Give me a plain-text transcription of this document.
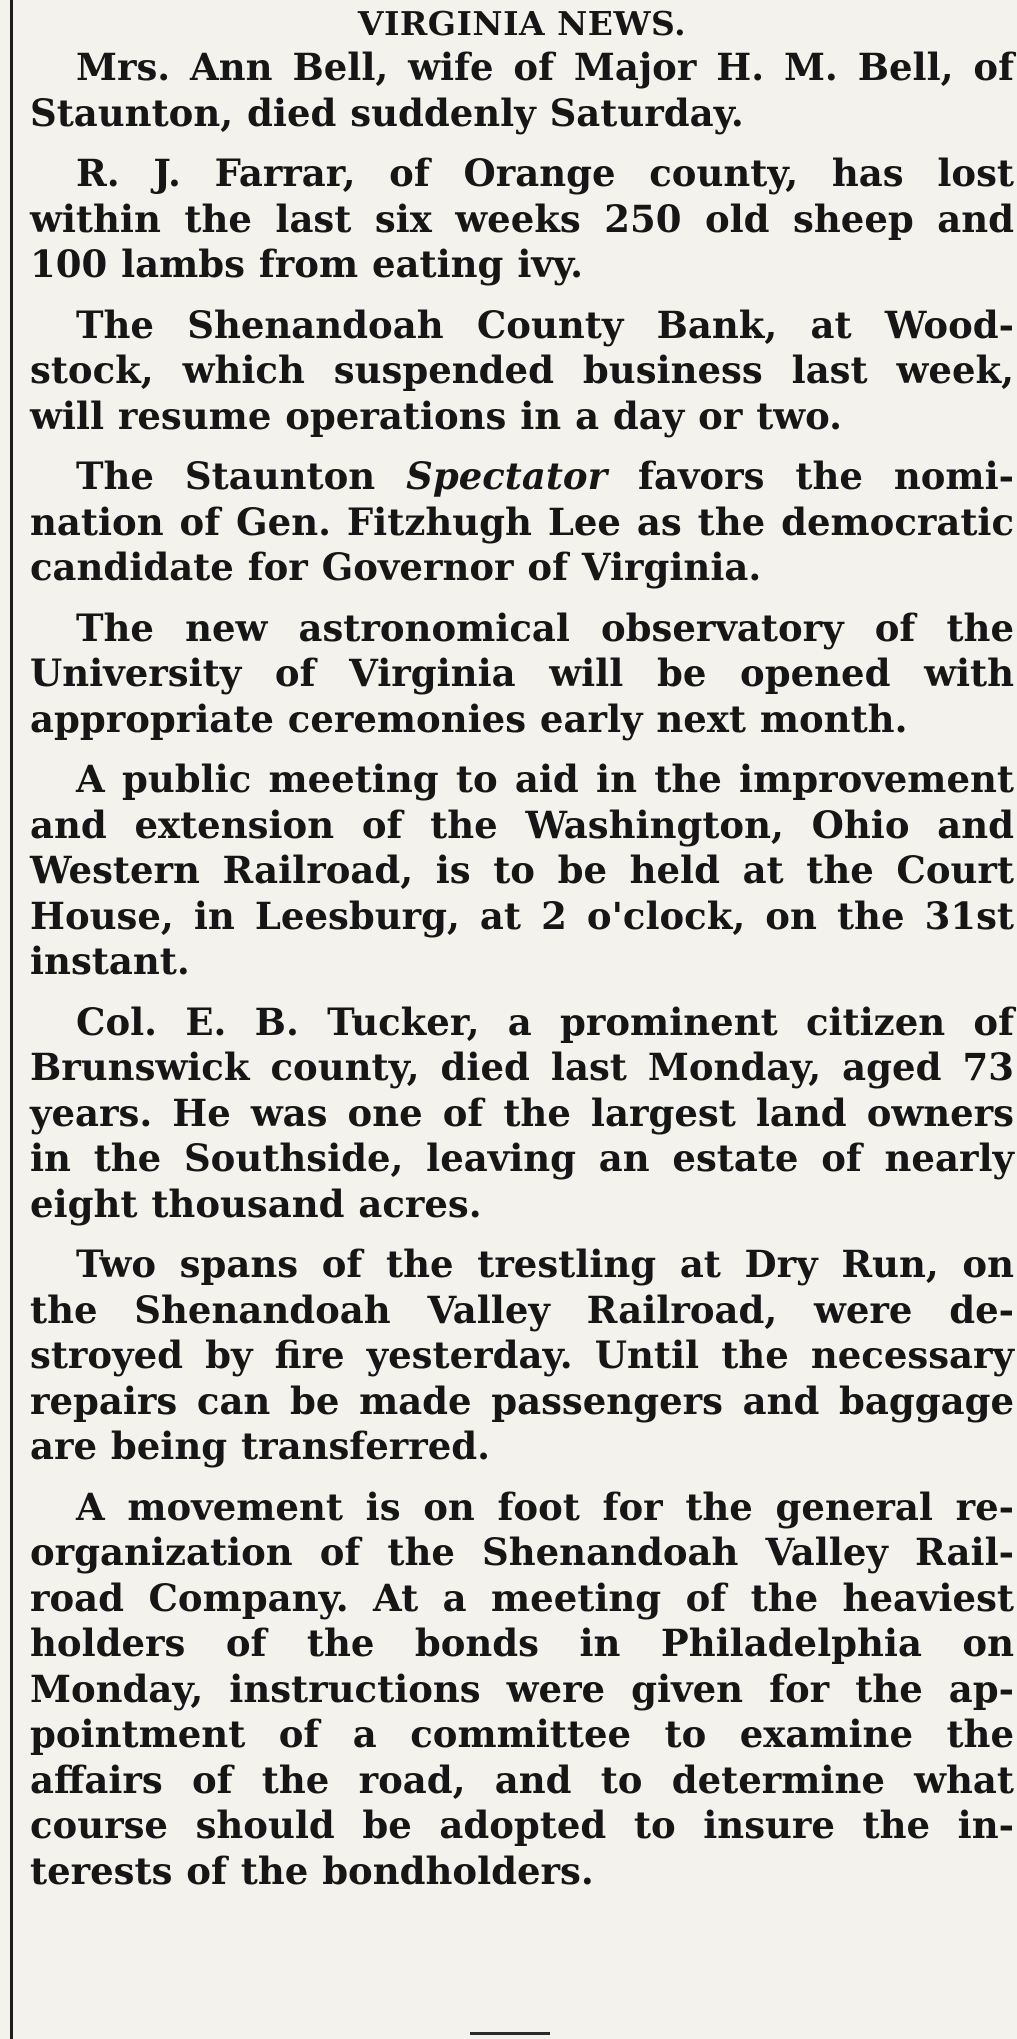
VIRGINIA NEWS.

Mrs. Ann Bell, wife of Major H. M. Bell, of Staunton, died suddenly Saturday.

R. J. Farrar, of Orange county, has lost within the last six weeks 250 old sheep and 100 lambs from eating ivy.

The Shenandoah County Bank, at Woodstock, which suspended business last week, will resume operations in a day or two.

The Staunton Spectator favors the nomination of Gen. Fitzhugh Lee as the democratic candidate for Governor of Virginia.

The new astronomical observatory of the University of Virginia will be opened with appropriate ceremonies early next month.

A public meeting to aid in the improvement and extension of the Washington, Ohio and Western Railroad, is to be held at the Court House, in Leesburg, at 2 o'clock, on the 31st instant.

Col. E. B. Tucker, a prominent citizen of Brunswick county, died last Monday, aged 73 years. He was one of the largest land owners in the Southside, leaving an estate of nearly eight thousand acres.

Two spans of the trestling at Dry Run, on the Shenandoah Valley Railroad, were destroyed by fire yesterday. Until the necessary repairs can be made passengers and baggage are being transferred.

A movement is on foot for the general reorganization of the Shenandoah Valley Railroad Company. At a meeting of the heaviest holders of the bonds in Philadelphia on Monday, instructions were given for the appointment of a committee to examine the affairs of the road, and to determine what course should be adopted to insure the interests of the bondholders.
